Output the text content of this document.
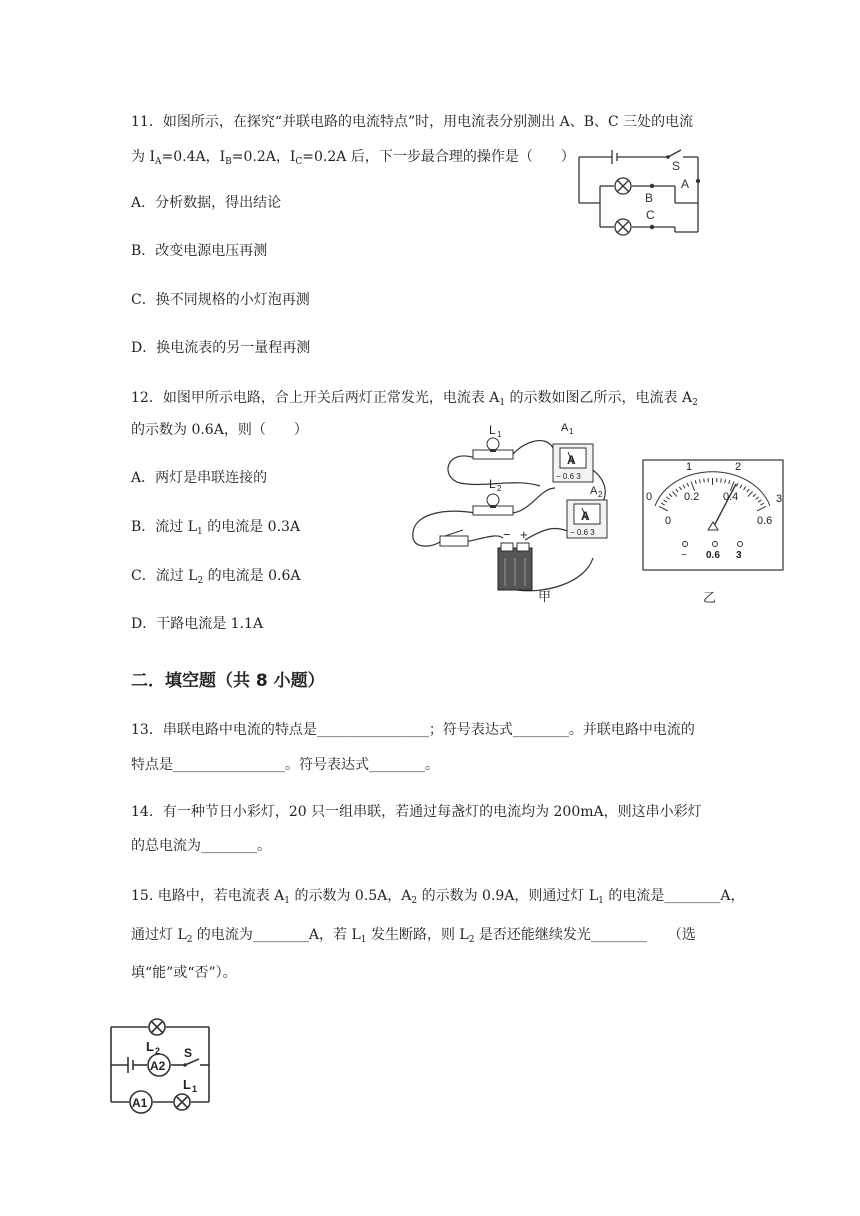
11．如图所示，在探究“并联电路的电流特点”时，用电流表分别测出 A、B、C 三处的电流
为 $I_A=0.4A$，$I_B=0.2A$，$I_C=0.2A$ 后，下一步最合理的操作是（　　）
A．分析数据，得出结论
B．改变电源电压再测
C．换不同规格的小灯泡再测
D．换电流表的另一量程再测
S
A
B
C
12．如图甲所示电路，合上开关后两灯正常发光，电流表 $A_1$ 的示数如图乙所示，电流表 $A_2$
的示数为 0.6A，则（　　）
A．两灯是串联连接的
B．流过 $L_1$ 的电流是 0.3A
C．流过 $L_2$ 的电流是 0.6A
D．干路电流是 1.1A
L 1
L 2
A
A 1
− 0.6 3
A
A 2
− 0.6 3
− +
甲
0
1	2
3
0.2 0.4
0	0.6
− 0.6 3
乙
二．填空题（共 8 小题）
13．串联电路中电流的特点是________________；符号表达式________。并联电路中电流的
特点是________________。符号表达式________。
14．有一种节日小彩灯，20 只一组串联，若通过每盏灯的电流均为 200mA，则这串小彩灯
的总电流为________。
15. 电路中，若电流表 $A_1$ 的示数为 0.5A，$A_2$ 的示数为 0.9A，则通过灯 $L_1$ 的电流是________A，
通过灯 $L_2$ 的电流为________A，若 $L_1$ 发生断路，则 $L_2$ 是否还能继续发光________　　（选
填“能”或“否”）。
L 2 S
A2
A1
L 1
